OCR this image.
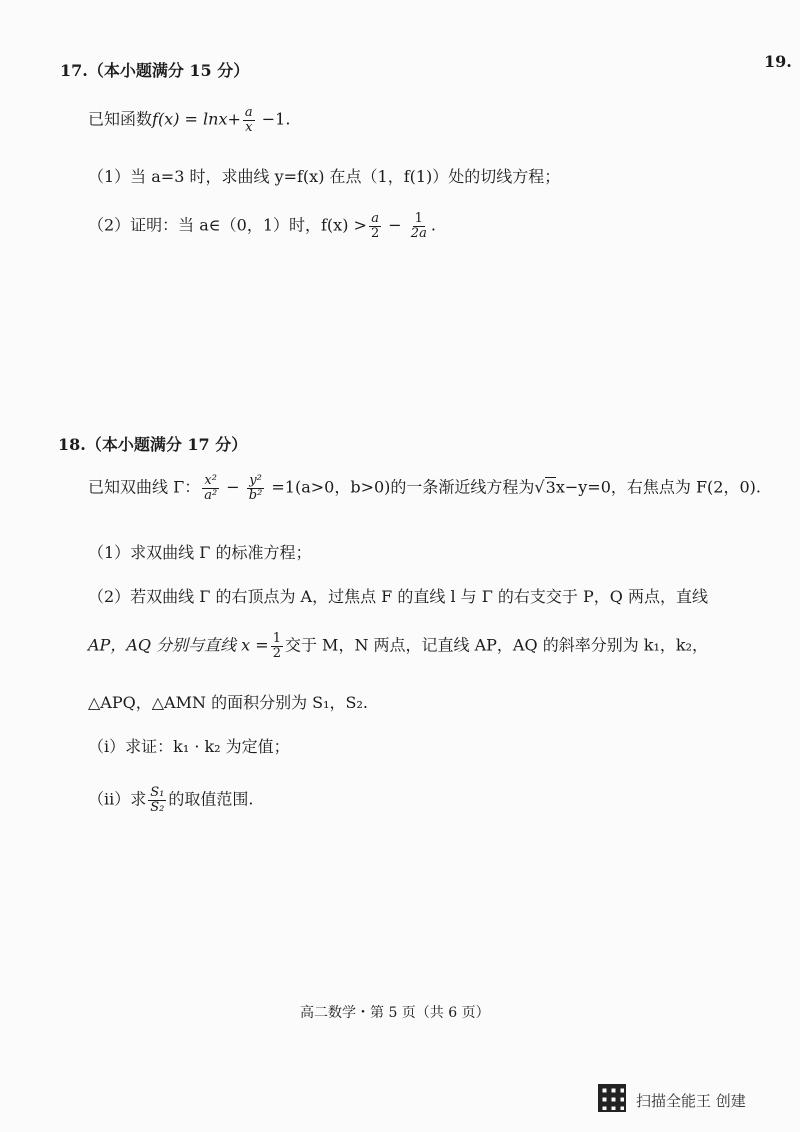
19.
17.（本小题满分 15 分）
已知函数$f(x) = \ln x+ \frac{a}{x} -1$.
（1）当 a=3 时，求曲线 y=f(x) 在点（1，f(1)）处的切线方程；
（2）证明：当 a∈（0，1）时，$f(x) > \frac{a}{2} - \frac{1}{2a}$ .
18.（本小题满分 17 分）
已知双曲线 Γ： $\frac{\text{x²}}{\text{a²}} - \frac{\text{y²}}{\text{b²}} =1(a>0$，b>0)的一条渐近线方程为√3x−y=0，右焦点为 F(2，0).
（1）求双曲线 Γ 的标准方程；
（2）若双曲线 Γ 的右顶点为 A，过焦点 F 的直线 l 与 Γ 的右支交于 P，Q 两点，直线
AP，AQ 分别与直线 $x = \frac{1}{2}$ 交于 M，N 两点，记直线 AP，AQ 的斜率分别为 k₁，k₂，
△APQ，△AMN 的面积分别为 S₁，S₂.
（i）求证：k₁ · k₂ 为定值；
（ii）求 $\frac{\text{S₁}}{\text{S₂}}$ 的取值范围.
高二数学・第 5 页（共 6 页）
扫描全能王 创建
